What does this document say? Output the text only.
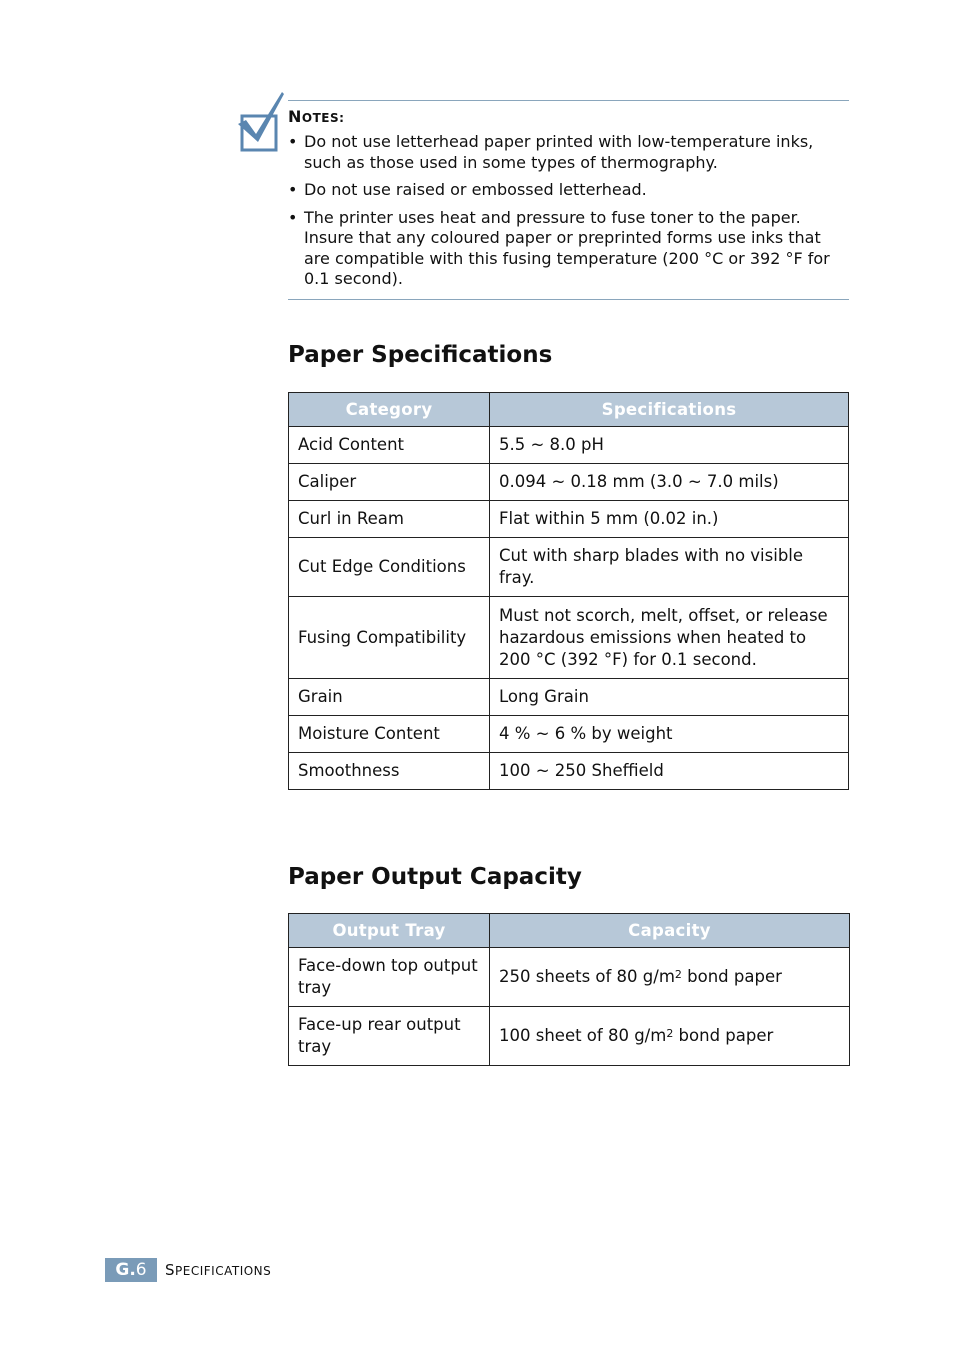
NOTES:
• Do not use letterhead paper printed with low-temperature inks, such as those used in some types of thermography.
• Do not use raised or embossed letterhead.
• The printer uses heat and pressure to fuse toner to the paper. Insure that any coloured paper or preprinted forms use inks that are compatible with this fusing temperature (200 °C or 392 °F for 0.1 second).
Paper Specifications
Category	Specifications
Acid Content	5.5 ~ 8.0 pH
Caliper	0.094 ~ 0.18 mm (3.0 ~ 7.0 mils)
Curl in Ream	Flat within 5 mm (0.02 in.)
Cut Edge Conditions	Cut with sharp blades with no visible fray.
Fusing Compatibility	Must not scorch, melt, offset, or release hazardous emissions when heated to 200 °C (392 °F) for 0.1 second.
Grain	Long Grain
Moisture Content	4 % ~ 6 % by weight
Smoothness	100 ~ 250 Sheffield
Paper Output Capacity
Output Tray	Capacity
Face-down top output tray	250 sheets of 80 $g/m^2$ bond paper
Face-up rear output tray	100 sheet of 80 $g/m^2$ bond paper
G. 6 SPECIFICATIONS
